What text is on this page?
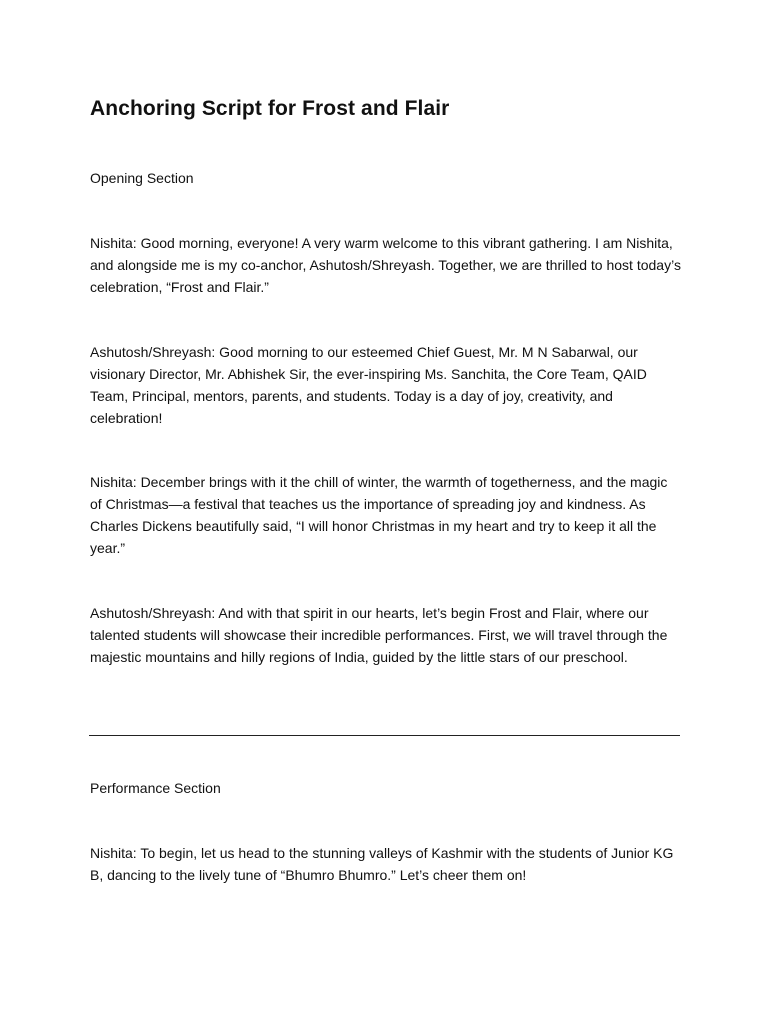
Anchoring Script for Frost and Flair
Opening Section

Nishita: Good morning, everyone! A very warm welcome to this vibrant gathering. I am Nishita, and alongside me is my co-anchor, Ashutosh/Shreyash. Together, we are thrilled to host today’s celebration, “Frost and Flair.”

Ashutosh/Shreyash: Good morning to our esteemed Chief Guest, Mr. M N Sabarwal, our visionary Director, Mr. Abhishek Sir, the ever-inspiring Ms. Sanchita, the Core Team, QAID Team, Principal, mentors, parents, and students. Today is a day of joy, creativity, and celebration!

Nishita: December brings with it the chill of winter, the warmth of togetherness, and the magic of Christmas—a festival that teaches us the importance of spreading joy and kindness. As Charles Dickens beautifully said, “I will honor Christmas in my heart and try to keep it all the year.”

Ashutosh/Shreyash: And with that spirit in our hearts, let’s begin Frost and Flair, where our talented students will showcase their incredible performances. First, we will travel through the majestic mountains and hilly regions of India, guided by the little stars of our preschool.

Performance Section

Nishita: To begin, let us head to the stunning valleys of Kashmir with the students of Junior KG B, dancing to the lively tune of “Bhumro Bhumro.” Let’s cheer them on!
